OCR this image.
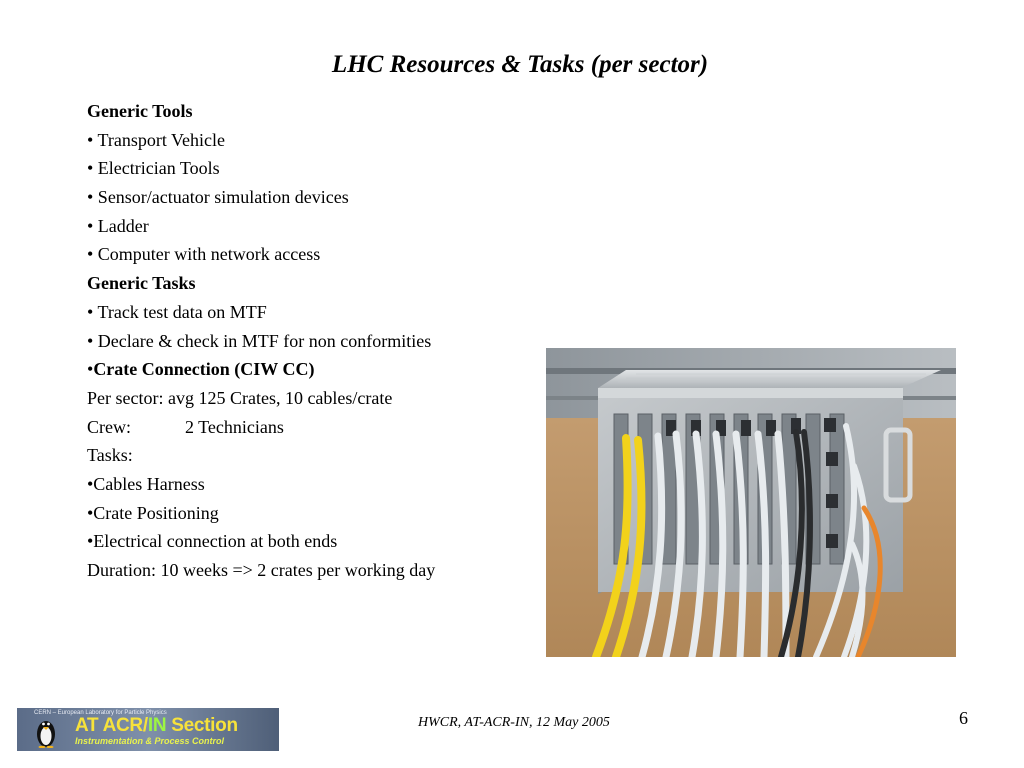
LHC Resources & Tasks (per sector)
Generic Tools
• Transport Vehicle
• Electrician Tools
• Sensor/actuator simulation devices
• Ladder
• Computer with network access
Generic Tasks
• Track test data on MTF
• Declare & check in MTF for non conformities
•Crate Connection (CIW CC)
Per sector: avg 125 Crates, 10 cables/crate
Crew:	2 Technicians
Tasks:
•Cables Harness
•Crate Positioning
•Electrical connection at both ends
Duration: 10 weeks => 2 crates per working day
CERN – European Laboratory for Particle Physics
AT ACR/IN Section
Instrumentation & Process Control
HWCR, AT-ACR-IN, 12 May 2005	6
